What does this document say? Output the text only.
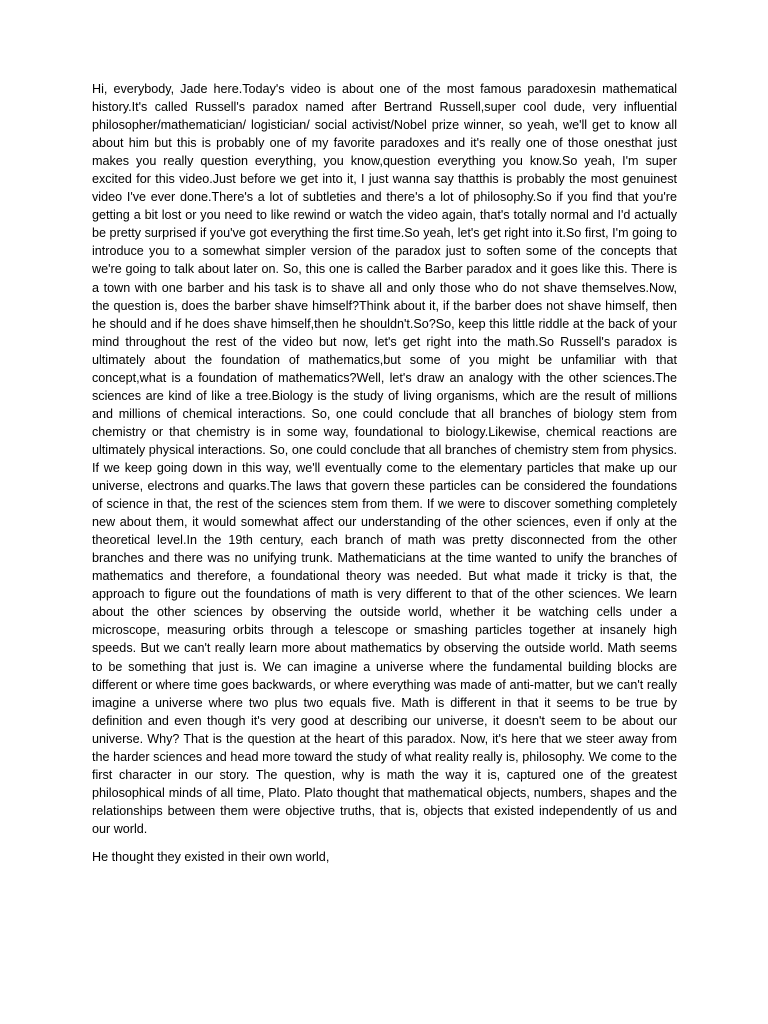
Hi, everybody, Jade here.Today's video is about one of the most famous paradoxesin mathematical history.It's called Russell's paradox named after Bertrand Russell,super cool dude, very influential philosopher/mathematician/ logistician/ social activist/Nobel prize winner, so yeah, we'll get to know all about him but this is probably one of my favorite paradoxes and it's really one of those onesthat just makes you really question everything, you know,question everything you know.So yeah, I'm super excited for this video.Just before we get into it, I just wanna say thatthis is probably the most genuinest video I've ever done.There's a lot of subtleties and there's a lot of philosophy.So if you find that you're getting a bit lost or you need to like rewind or watch the video again, that's totally normal and I'd actually be pretty surprised if you've got everything the first time.So yeah, let's get right into it.So first, I'm going to introduce you to a somewhat simpler version of the paradox just to soften some of the concepts that we're going to talk about later on. So, this one is called the Barber paradox and it goes like this. There is a town with one barber and his task is to shave all and only those who do not shave themselves.Now, the question is, does the barber shave himself?Think about it, if the barber does not shave himself, then he should and if he does shave himself,then he shouldn't.So?So, keep this little riddle at the back of your mind throughout the rest of the video but now, let's get right into the math.So Russell's paradox is ultimately about the foundation of mathematics,but some of you might be unfamiliar with that concept,what is a foundation of mathematics?Well, let's draw an analogy with the other sciences.The sciences are kind of like a tree.Biology is the study of living organisms, which are the result of millions and millions of chemical interactions. So, one could conclude that all branches of biology stem from chemistry or that chemistry is in some way, foundational to biology.Likewise, chemical reactions are ultimately physical interactions. So, one could conclude that all branches of chemistry stem from physics. If we keep going down in this way, we'll eventually come to the elementary particles that make up our universe, electrons and quarks.The laws that govern these particles can be considered the foundations of science in that, the rest of the sciences stem from them. If we were to discover something completely new about them, it would somewhat affect our understanding of the other sciences, even if only at the theoretical level.In the 19th century, each branch of math was pretty disconnected from the other branches and there was no unifying trunk. Mathematicians at the time wanted to unify the branches of mathematics and therefore, a foundational theory was needed. But what made it tricky is that, the approach to figure out the foundations of math is very different to that of the other sciences. We learn about the other sciences by observing the outside world, whether it be watching cells under a microscope, measuring orbits through a telescope or smashing particles together at insanely high speeds. But we can't really learn more about mathematics by observing the outside world. Math seems to be something that just is. We can imagine a universe where the fundamental building blocks are different or where time goes backwards, or where everything was made of anti-matter, but we can't really imagine a universe where two plus two equals five. Math is different in that it seems to be true by definition and even though it's very good at describing our universe, it doesn't seem to be about our universe. Why? That is the question at the heart of this paradox. Now, it's here that we steer away from the harder sciences and head more toward the study of what reality really is, philosophy. We come to the first character in our story. The question, why is math the way it is, captured one of the greatest philosophical minds of all time, Plato. Plato thought that mathematical objects, numbers, shapes and the relationships between them were objective truths, that is, objects that existed independently of us and our world.

He thought they existed in their own world,
